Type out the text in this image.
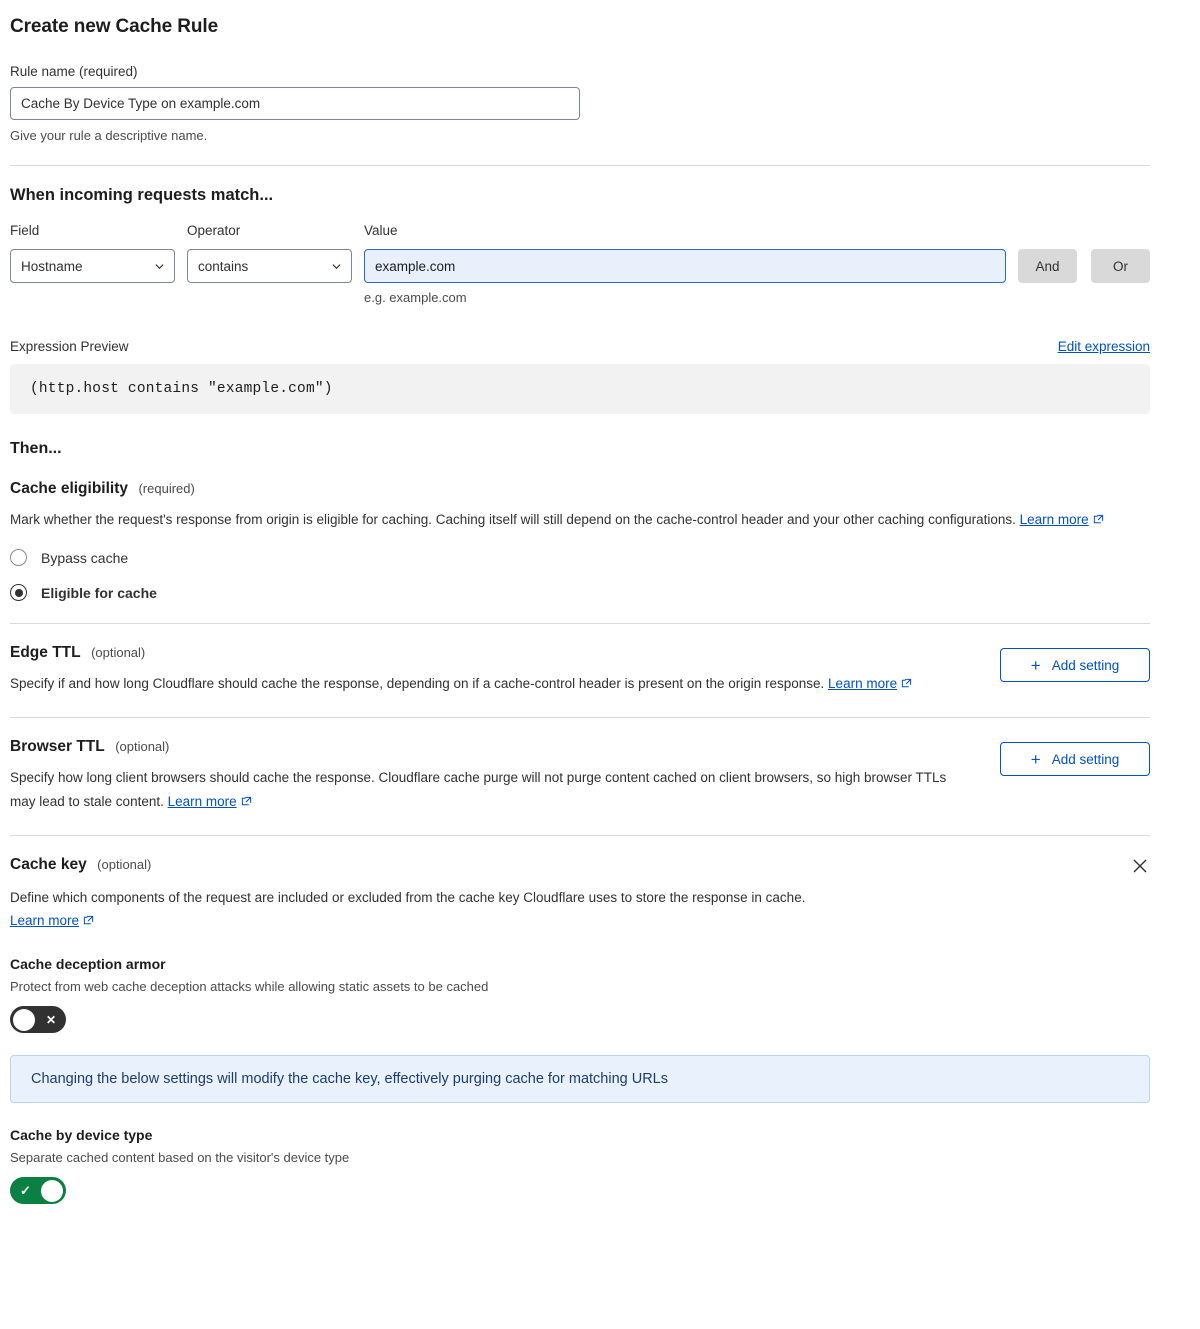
Create new Cache Rule
Rule name (required)
Cache By Device Type on example.com
Give your rule a descriptive name.
When incoming requests match...
Field
Hostname
Operator
contains
Value
example.com
e.g. example.com
And	Or
Expression Preview	Edit expression
(http.host contains "example.com")
Then...
Cache eligibility (required)
Mark whether the request's response from origin is eligible for caching. Caching itself will still depend on the cache-control header and your other caching configurations. Learn more
Bypass cache
Eligible for cache
Edge TTL (optional)
Specify if and how long Cloudflare should cache the response, depending on if a cache-control header is present on the origin response. Learn more
+ Add setting
Browser TTL (optional)
Specify how long client browsers should cache the response. Cloudflare cache purge will not purge content cached on client browsers, so high browser TTLs may lead to stale content. Learn more
+ Add setting
Cache key (optional)
Define which components of the request are included or excluded from the cache key Cloudflare uses to store the response in cache.
Learn more
Cache deception armor
Protect from web cache deception attacks while allowing static assets to be cached
✕
Changing the below settings will modify the cache key, effectively purging cache for matching URLs
Cache by device type
Separate cached content based on the visitor's device type
✓
